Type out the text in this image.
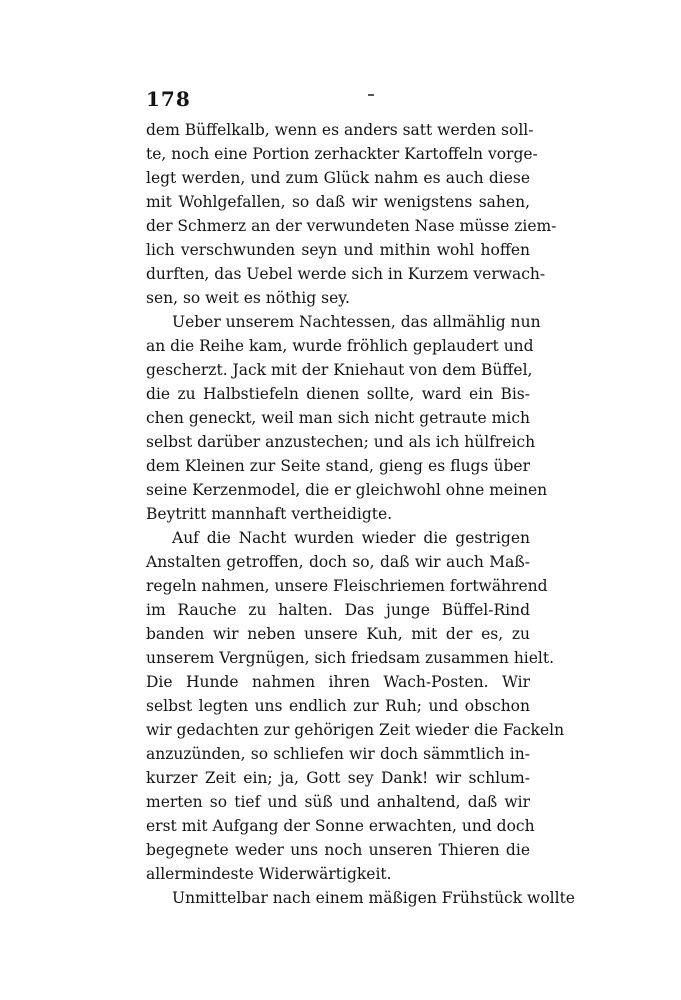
178
dem Büffelkalb, wenn es anders satt werden soll-
te, noch eine Portion zerhackter Kartoffeln vorge-
legt werden, und zum Glück nahm es auch diese
mit Wohlgefallen, so daß wir wenigstens sahen,
der Schmerz an der verwundeten Nase müsse ziem-
lich verschwunden seyn und mithin wohl hoffen
durften, das Uebel werde sich in Kurzem verwach-
sen, so weit es nöthig sey.
Ueber unserem Nachtessen, das allmählig nun
an die Reihe kam, wurde fröhlich geplaudert und
gescherzt. Jack mit der Kniehaut von dem Büffel,
die zu Halbstiefeln dienen sollte, ward ein Bis-
chen geneckt, weil man sich nicht getraute mich
selbst darüber anzustechen; und als ich hülfreich
dem Kleinen zur Seite stand, gieng es flugs über
seine Kerzenmodel, die er gleichwohl ohne meinen
Beytritt mannhaft vertheidigte.
Auf die Nacht wurden wieder die gestrigen
Anstalten getroffen, doch so, daß wir auch Maß-
regeln nahmen, unsere Fleischriemen fortwährend
im Rauche zu halten. Das junge Büffel-Rind
banden wir neben unsere Kuh, mit der es, zu
unserem Vergnügen, sich friedsam zusammen hielt.
Die Hunde nahmen ihren Wach-Posten. Wir
selbst legten uns endlich zur Ruh; und obschon
wir gedachten zur gehörigen Zeit wieder die Fackeln
anzuzünden, so schliefen wir doch sämmtlich in-
kurzer Zeit ein; ja, Gott sey Dank! wir schlum-
merten so tief und süß und anhaltend, daß wir
erst mit Aufgang der Sonne erwachten, und doch
begegnete weder uns noch unseren Thieren die
allermindeste Widerwärtigkeit.
Unmittelbar nach einem mäßigen Frühstück wollte
